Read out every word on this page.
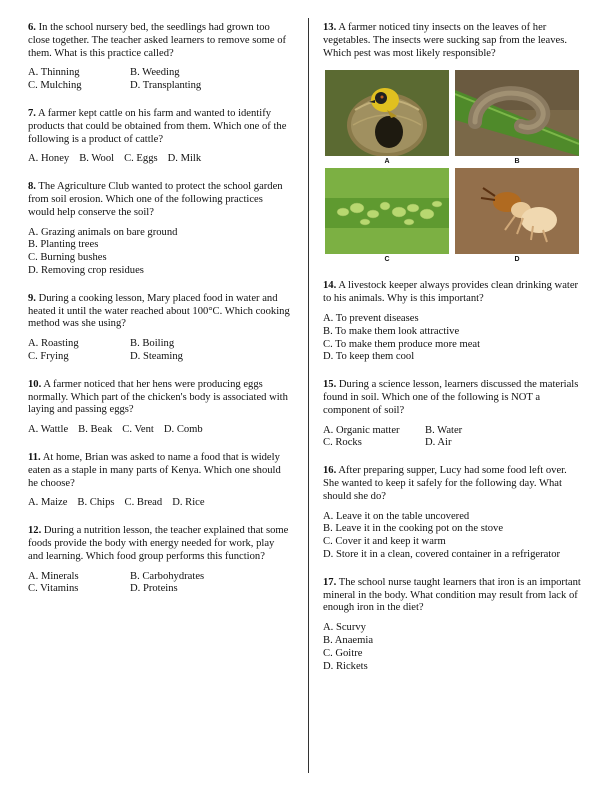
6. In the school nursery bed, the seedlings had grown too close together. The teacher asked learners to remove some of them. What is this practice called?
A. Thinning	B. Weeding
C. Mulching	D. Transplanting
7. A farmer kept cattle on his farm and wanted to identify products that could be obtained from them. Which one of the following is a product of cattle?
A. Honey B. Wool C. Eggs D. Milk
8. The Agriculture Club wanted to protect the school garden from soil erosion. Which one of the following practices would help conserve the soil?
A. Grazing animals on bare ground
B. Planting trees
C. Burning bushes
D. Removing crop residues
9. During a cooking lesson, Mary placed food in water and heated it until the water reached about 100°C. Which cooking method was she using?
A. Roasting	B. Boiling
C. Frying	D. Steaming
10. A farmer noticed that her hens were producing eggs normally. Which part of the chicken's body is associated with laying and passing eggs?
A. Wattle B. Beak C. Vent D. Comb
11. At home, Brian was asked to name a food that is widely eaten as a staple in many parts of Kenya. Which one should he choose?
A. Maize B. Chips C. Bread D. Rice
12. During a nutrition lesson, the teacher explained that some foods provide the body with energy needed for work, play and learning. Which food group performs this function?
A. Minerals	B. Carbohydrates
C. Vitamins	D. Proteins
13. A farmer noticed tiny insects on the leaves of her vegetables. The insects were sucking sap from the leaves. Which pest was most likely responsible?
A	B
C	D
14. A livestock keeper always provides clean drinking water to his animals. Why is this important?
A. To prevent diseases
B. To make them look attractive
C. To make them produce more meat
D. To keep them cool
15. During a science lesson, learners discussed the materials found in soil. Which one of the following is NOT a component of soil?
A. Organic matter	B. Water
C. Rocks	D. Air
16. After preparing supper, Lucy had some food left over. She wanted to keep it safely for the following day. What should she do?
A. Leave it on the table uncovered
B. Leave it in the cooking pot on the stove
C. Cover it and keep it warm
D. Store it in a clean, covered container in a refrigerator
17. The school nurse taught learners that iron is an important mineral in the body. What condition may result from lack of enough iron in the diet?
A. Scurvy
B. Anaemia
C. Goitre
D. Rickets
